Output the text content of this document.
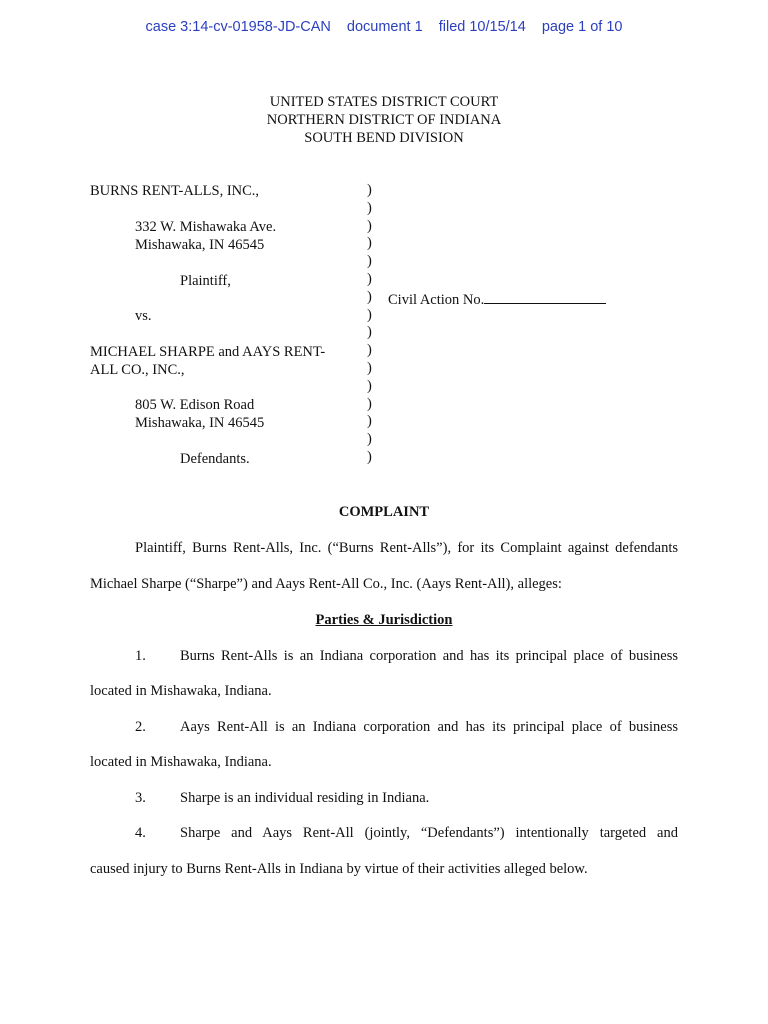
case 3:14-cv-01958-JD-CAN document 1 filed 10/15/14 page 1 of 10
UNITED STATES DISTRICT COURT
NORTHERN DISTRICT OF INDIANA
SOUTH BEND DIVISION
BURNS RENT-ALLS, INC.,
332 W. Mishawaka Ave.
Mishawaka, IN 46545
Plaintiff,
vs.
MICHAEL SHARPE and AAYS RENT-
ALL CO., INC.,
805 W. Edison Road
Mishawaka, IN 46545
Defendants.
)
)
)
)
)
)
)
)
)
)
)
)
)
)
)
)
Civil Action No.
COMPLAINT
Plaintiff, Burns Rent-Alls, Inc. (“Burns Rent-Alls”), for its Complaint against defendants
Michael Sharpe (“Sharpe”) and Aays Rent-All Co., Inc. (Aays Rent-All), alleges:
Parties & Jurisdiction
1. Burns Rent-Alls is an Indiana corporation and has its principal place of business
located in Mishawaka, Indiana.
2. Aays Rent-All is an Indiana corporation and has its principal place of business
located in Mishawaka, Indiana.
3. Sharpe is an individual residing in Indiana.
4. Sharpe and Aays Rent-All (jointly, “Defendants”) intentionally targeted and
caused injury to Burns Rent-Alls in Indiana by virtue of their activities alleged below.
